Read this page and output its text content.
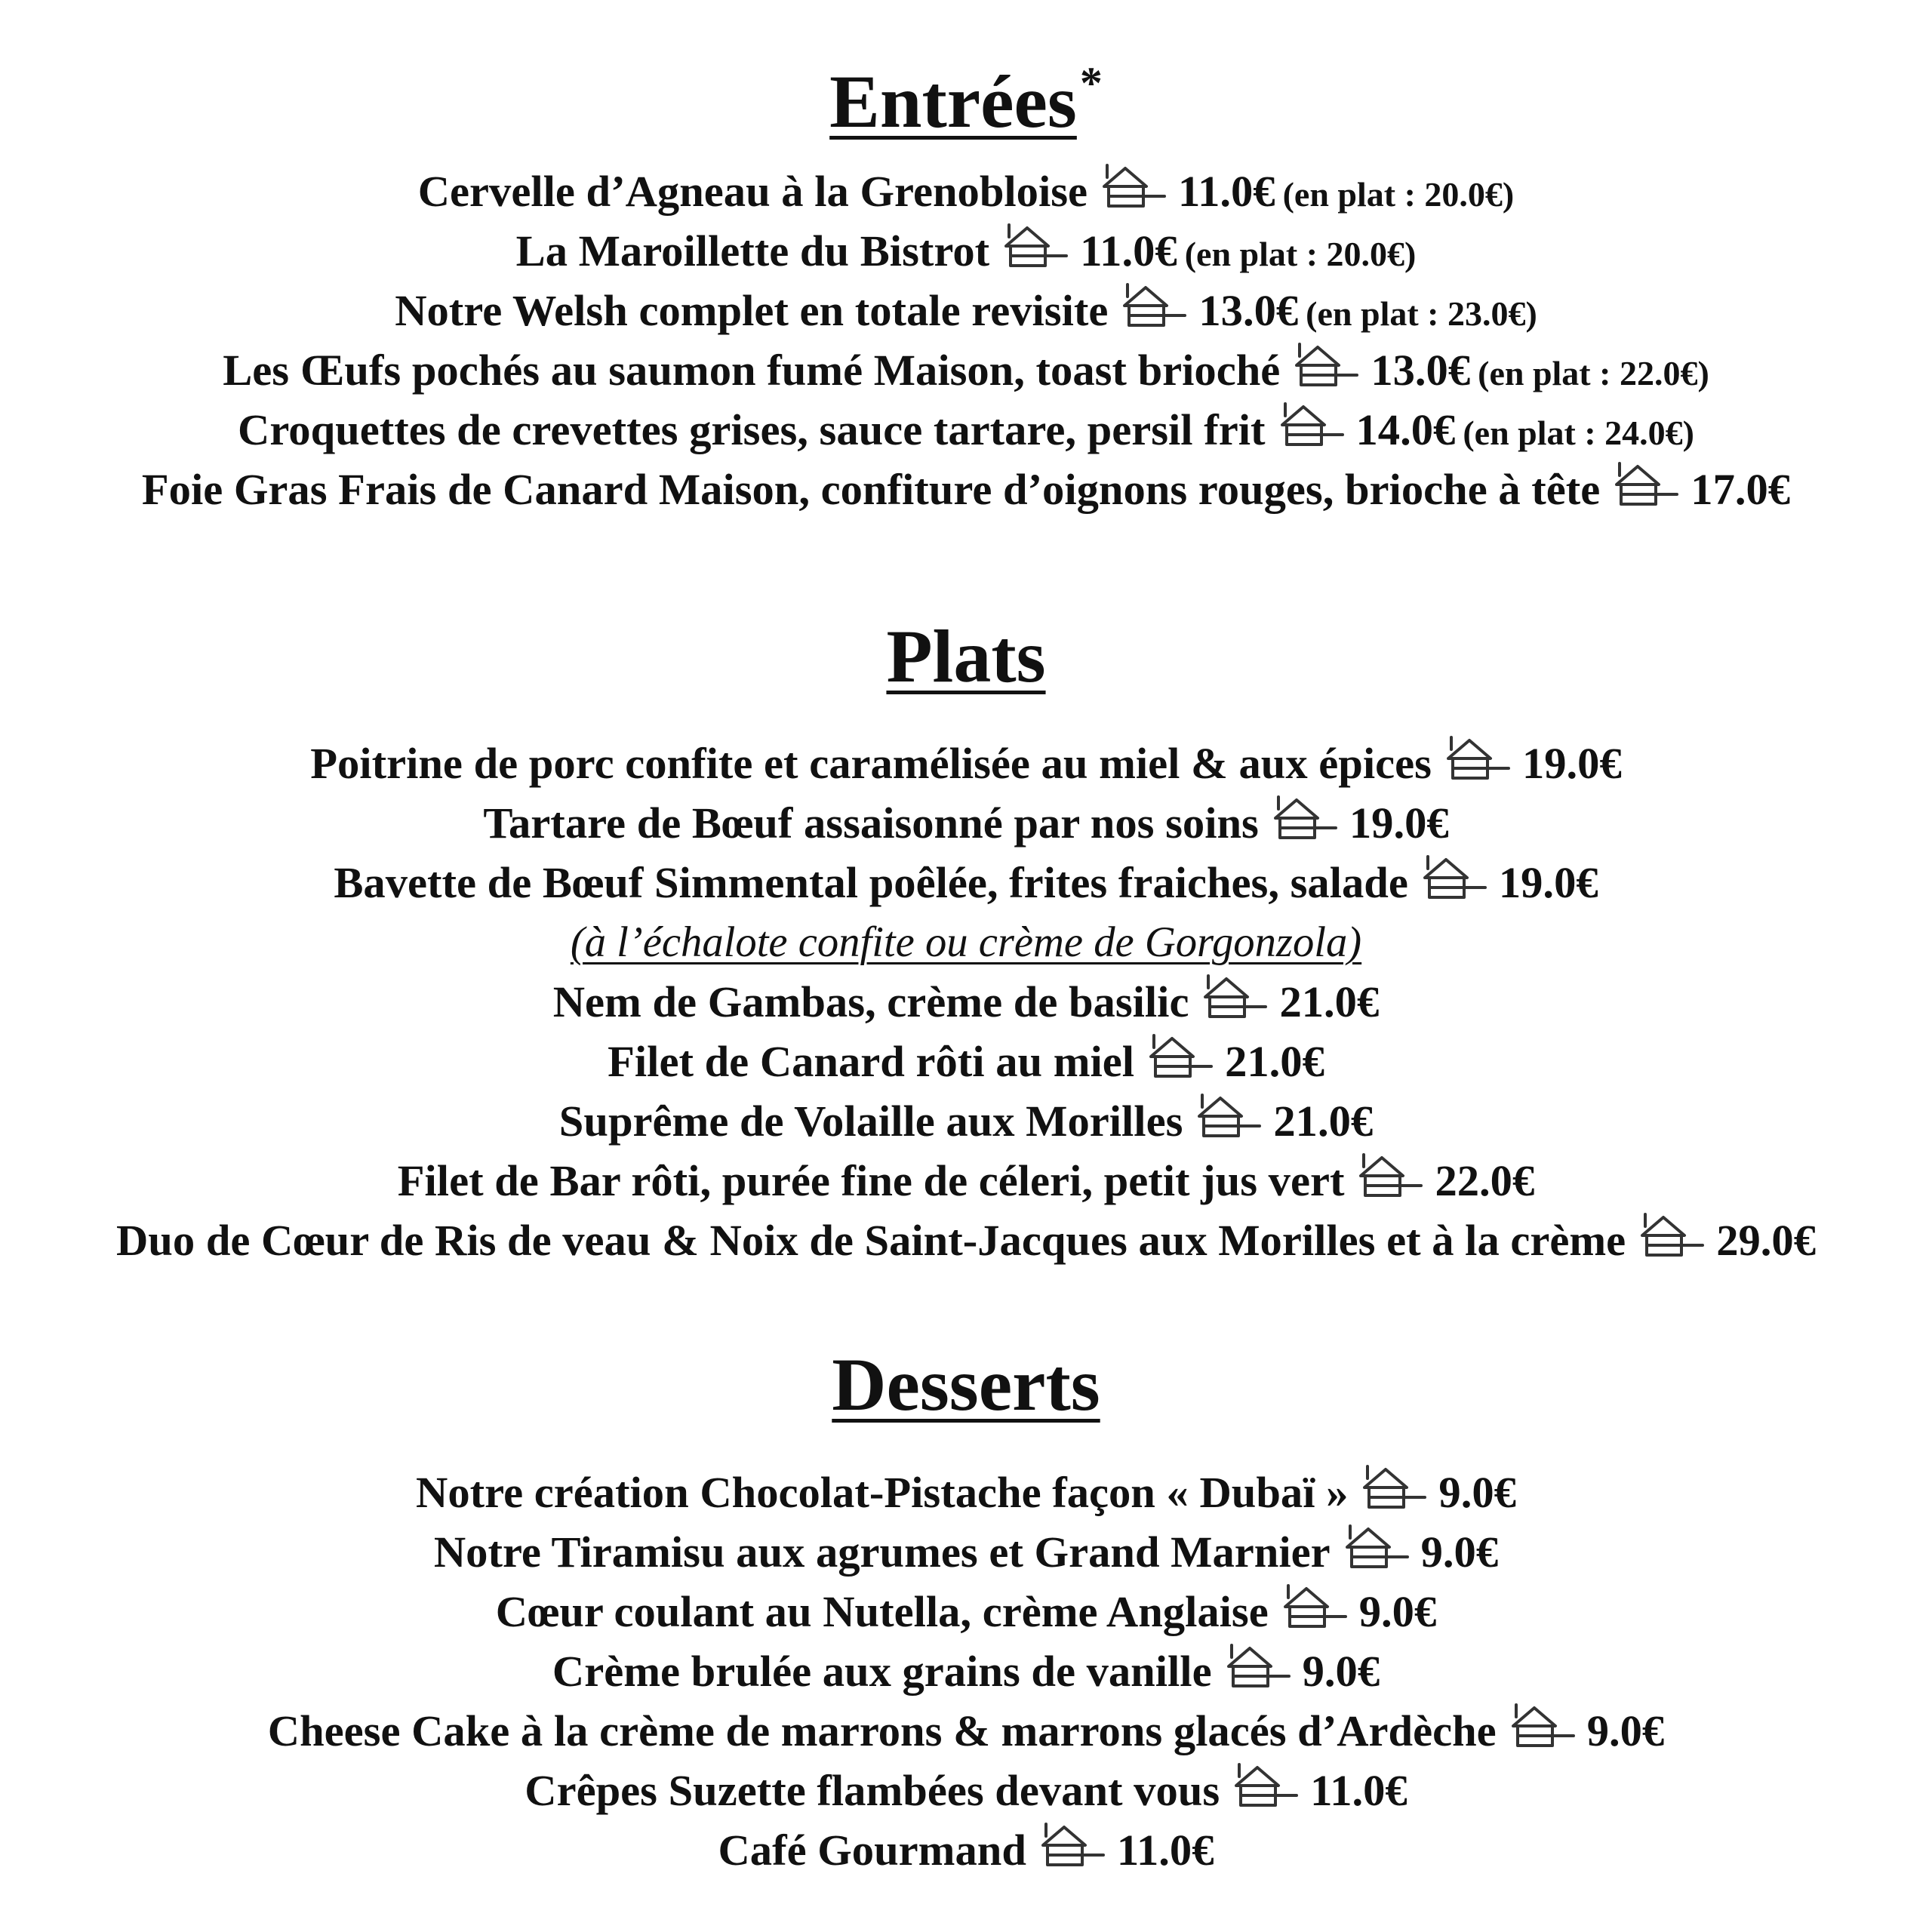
Entrées*
Cervelle d’Agneau à la Grenobloise 11.0€ (en plat : 20.0€)
La Maroillette du Bistrot 11.0€ (en plat : 20.0€)
Notre Welsh complet en totale revisite 13.0€ (en plat : 23.0€)
Les Œufs pochés au saumon fumé Maison, toast brioché 13.0€ (en plat : 22.0€)
Croquettes de crevettes grises, sauce tartare, persil frit 14.0€ (en plat : 24.0€)
Foie Gras Frais de Canard Maison, confiture d’oignons rouges, brioche à tête 17.0€
Plats
Poitrine de porc confite et caramélisée au miel & aux épices 19.0€
Tartare de Bœuf assaisonné par nos soins 19.0€
Bavette de Bœuf Simmental poêlée, frites fraiches, salade 19.0€
(à l’échalote confite ou crème de Gorgonzola)
Nem de Gambas, crème de basilic 21.0€
Filet de Canard rôti au miel 21.0€
Suprême de Volaille aux Morilles 21.0€
Filet de Bar rôti, purée fine de céleri, petit jus vert 22.0€
Duo de Cœur de Ris de veau & Noix de Saint-Jacques aux Morilles et à la crème 29.0€
Desserts
Notre création Chocolat-Pistache façon « Dubaï » 9.0€
Notre Tiramisu aux agrumes et Grand Marnier 9.0€
Cœur coulant au Nutella, crème Anglaise 9.0€
Crème brulée aux grains de vanille 9.0€
Cheese Cake à la crème de marrons & marrons glacés d’Ardèche 9.0€
Crêpes Suzette flambées devant vous 11.0€
Café Gourmand 11.0€
